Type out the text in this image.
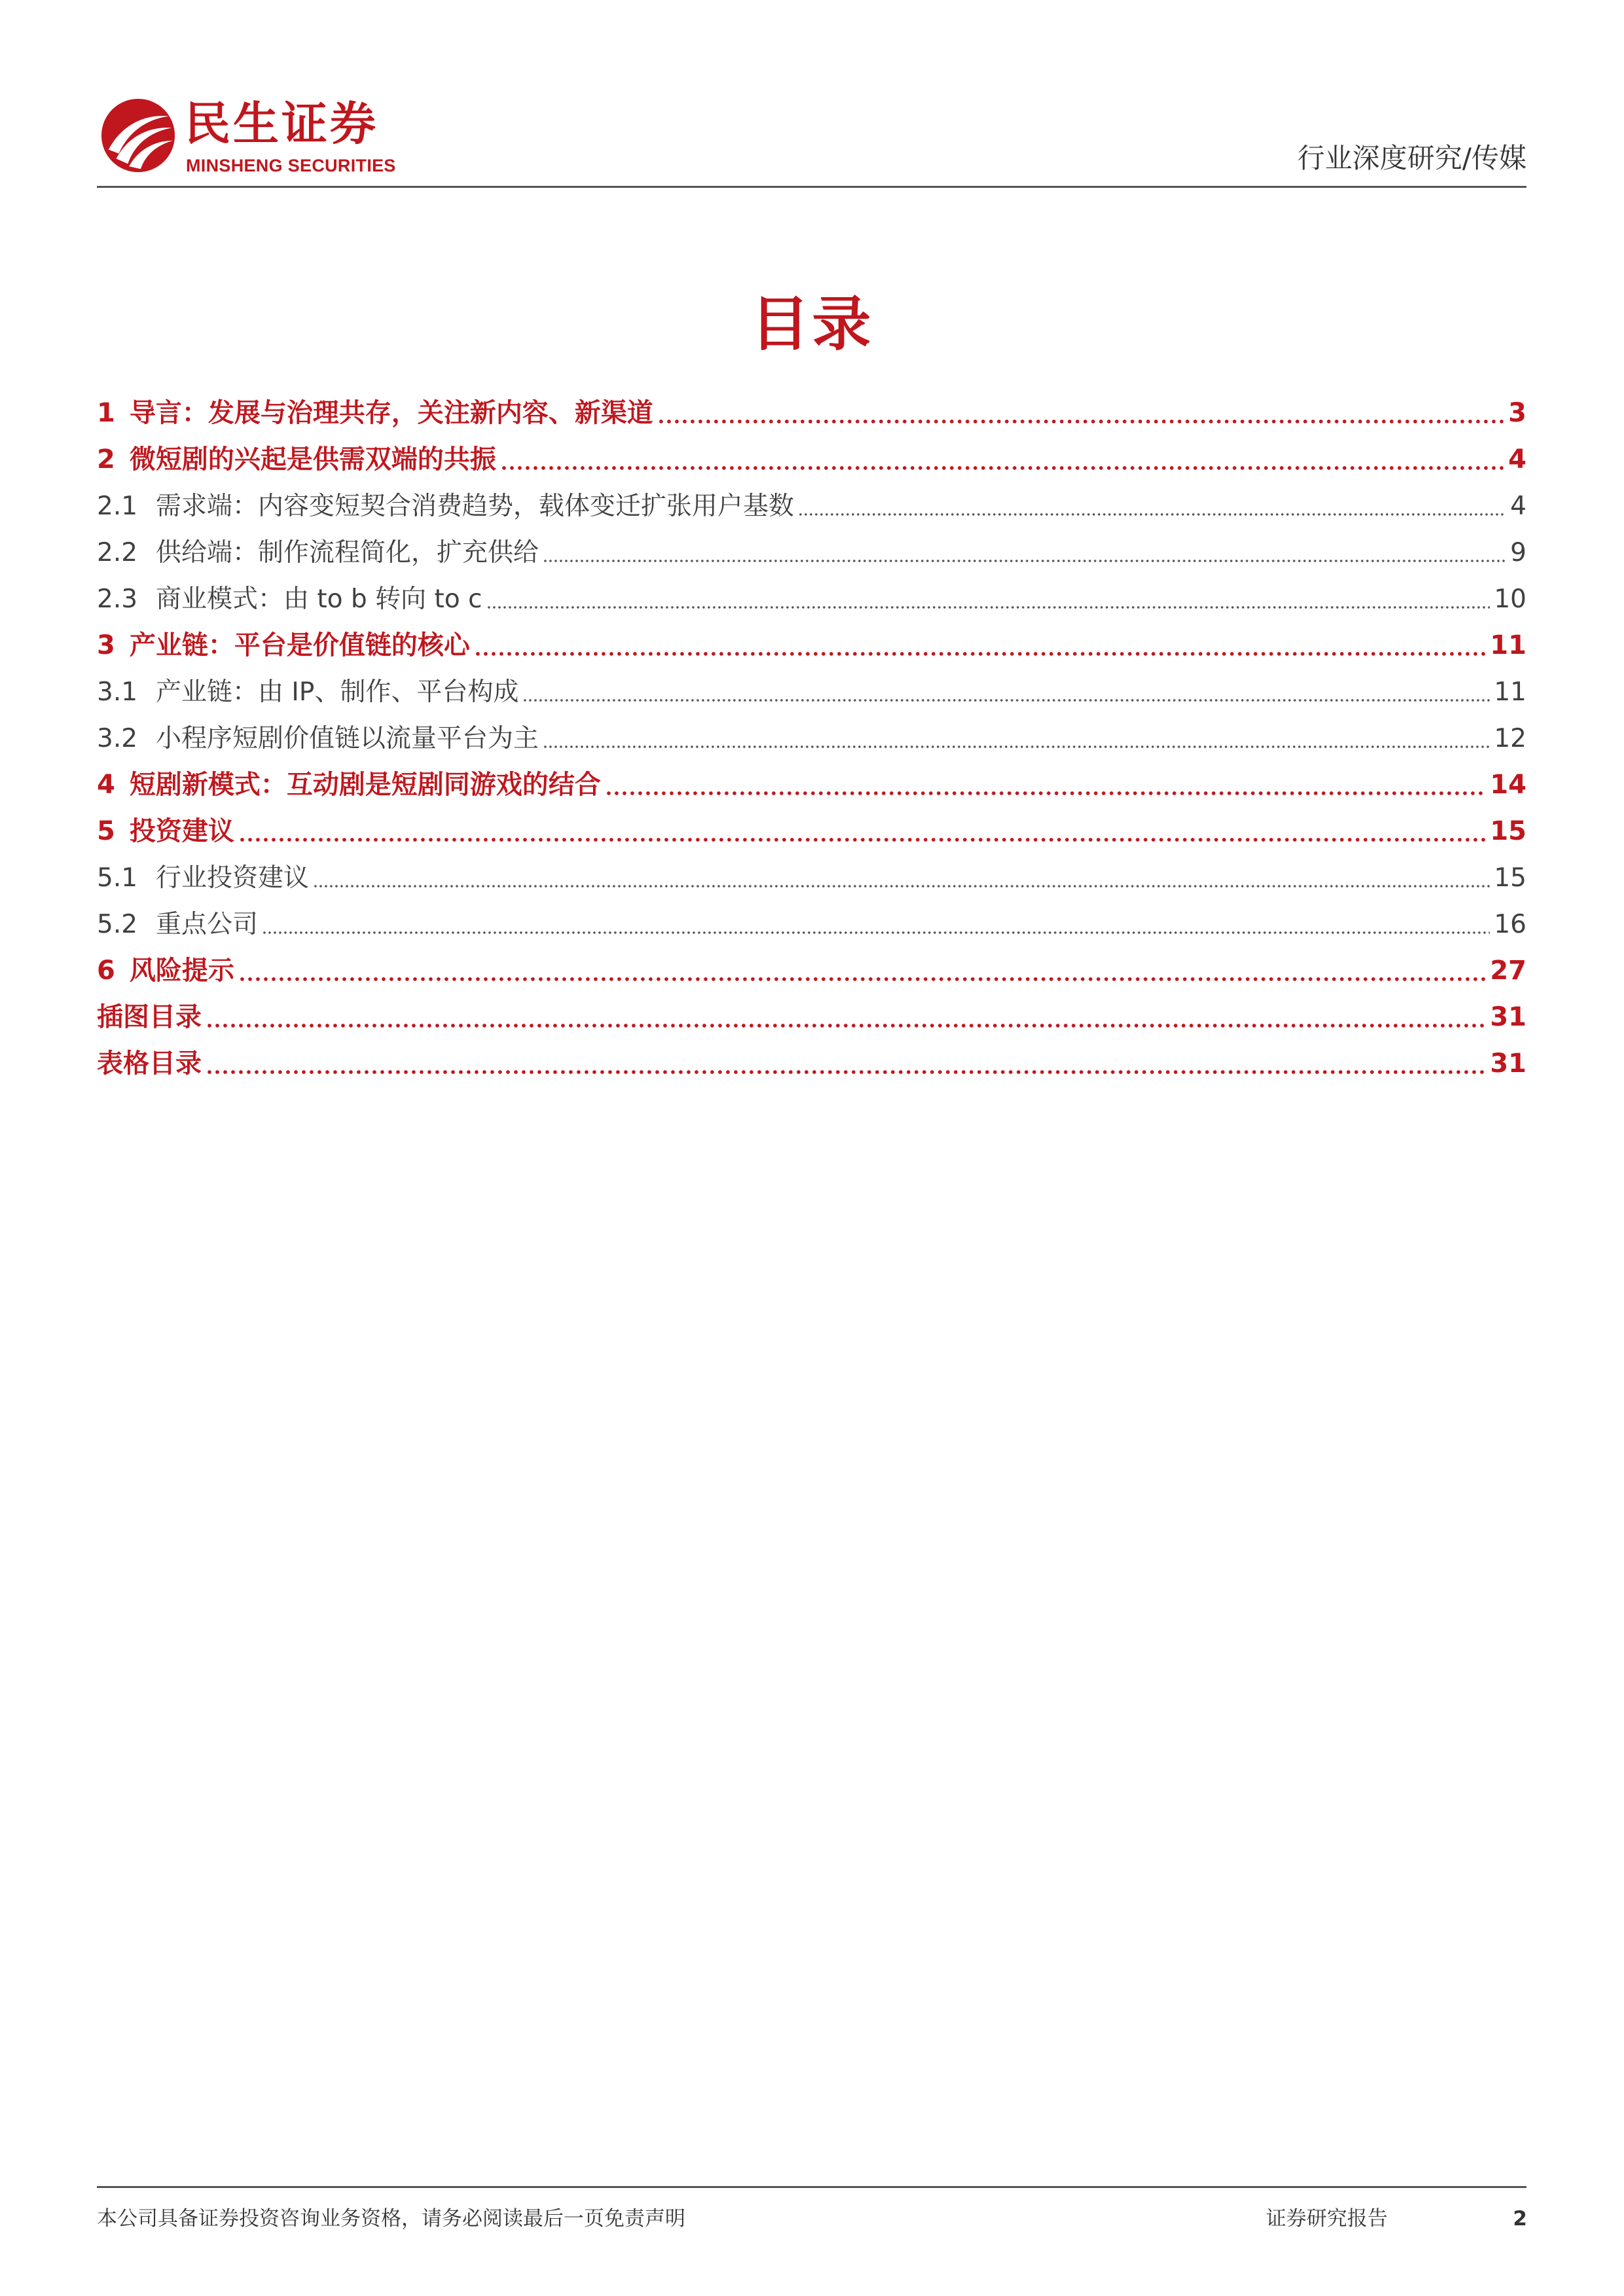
民生证券
MINSHENG SECURITIES	行业深度研究/传媒
目录
1 导言：发展与治理共存，关注新内容、新渠道	3
2 微短剧的兴起是供需双端的共振	4
2.1 需求端：内容变短契合消费趋势，载体变迁扩张用户基数	4
2.2 供给端：制作流程简化，扩充供给	9
2.3 商业模式：由 to b 转向 to c	10
3 产业链：平台是价值链的核心	11
3.1 产业链：由 IP、制作、平台构成	11
3.2 小程序短剧价值链以流量平台为主	12
4 短剧新模式：互动剧是短剧同游戏的结合	14
5 投资建议	15
5.1 行业投资建议	15
5.2 重点公司	16
6 风险提示	27
插图目录	31
表格目录	31
本公司具备证券投资咨询业务资格，请务必阅读最后一页免责声明	证券研究报告	2
